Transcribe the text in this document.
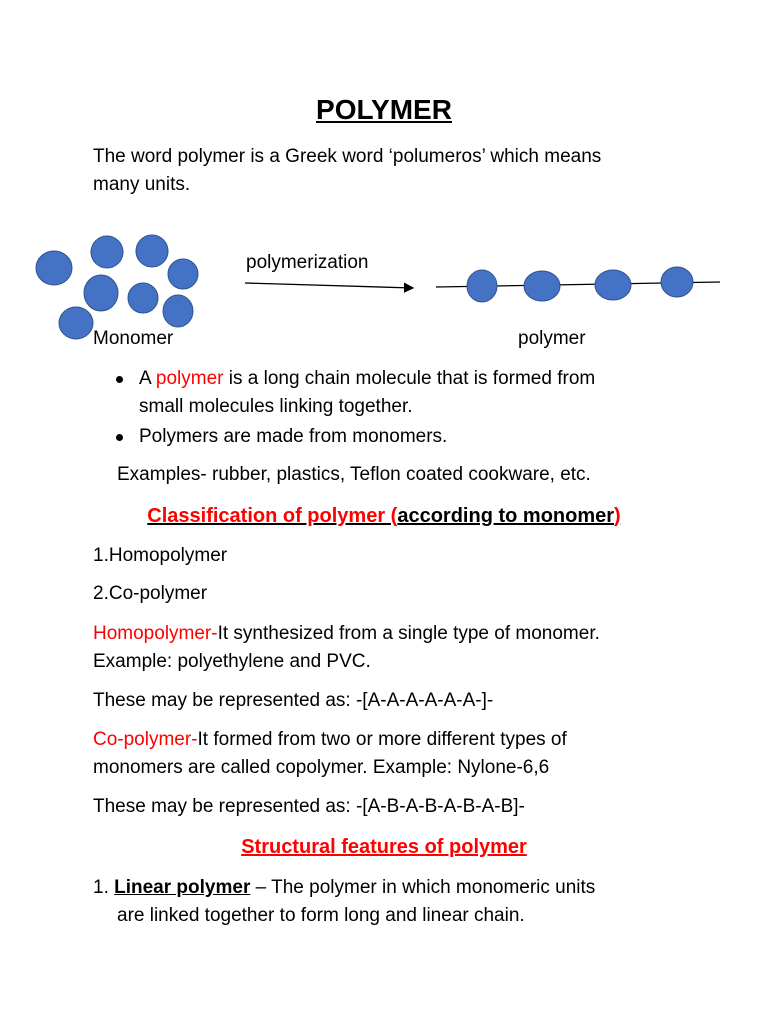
POLYMER
The word polymer is a Greek word ‘polumeros’ which means
many units.
polymerization
Monomer	polymer
A polymer is a long chain molecule that is formed from
small molecules linking together.
Polymers are made from monomers.
Examples- rubber, plastics, Teflon coated cookware, etc.
Classification of polymer (according to monomer)
1.Homopolymer
2.Co-polymer
Homopolymer-It synthesized from a single type of monomer.
Example: polyethylene and PVC.
These may be represented as: -[A-A-A-A-A-A-]-
Co-polymer-It formed from two or more different types of
monomers are called copolymer. Example: Nylone-6,6
These may be represented as: -[A-B-A-B-A-B-A-B]-
Structural features of polymer
1. Linear polymer – The polymer in which monomeric units
are linked together to form long and linear chain.
